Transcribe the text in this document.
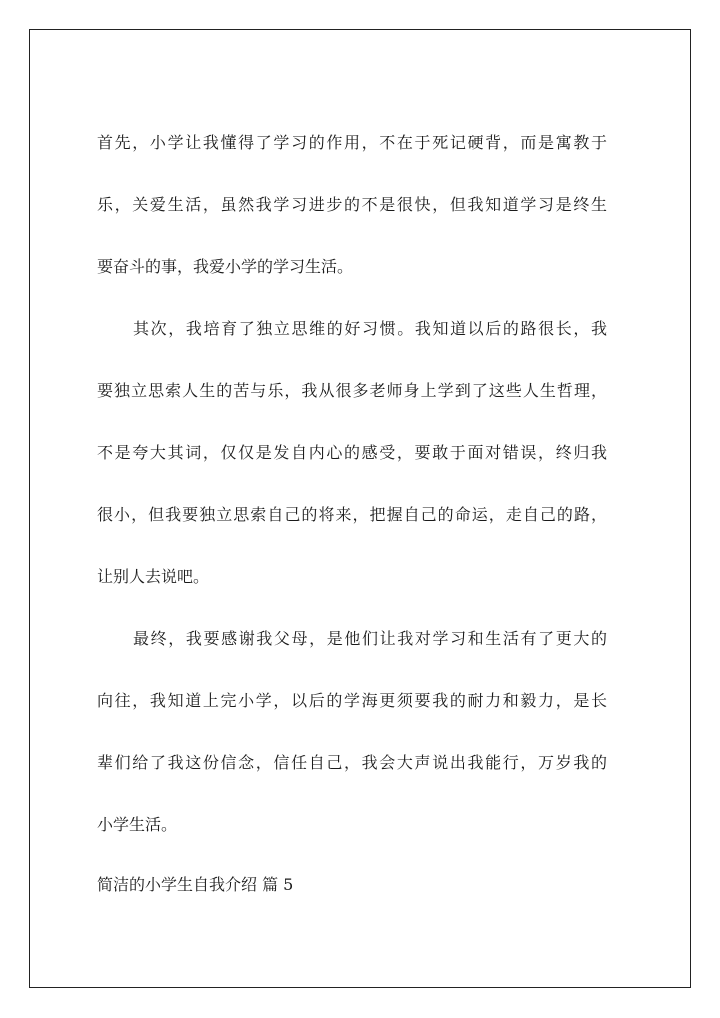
首先，小学让我懂得了学习的作用，不在于死记硬背，而是寓教于
乐，关爱生活，虽然我学习进步的不是很快，但我知道学习是终生
要奋斗的事，我爱小学的学习生活。
其次，我培育了独立思维的好习惯。我知道以后的路很长，我
要独立思索人生的苦与乐，我从很多老师身上学到了这些人生哲理，
不是夸大其词，仅仅是发自内心的感受，要敢于面对错误，终归我
很小，但我要独立思索自己的将来，把握自己的命运，走自己的路，
让别人去说吧。
最终，我要感谢我父母，是他们让我对学习和生活有了更大的
向往，我知道上完小学，以后的学海更须要我的耐力和毅力，是长
辈们给了我这份信念，信任自己，我会大声说出我能行，万岁我的
小学生活。
简洁的小学生自我介绍 篇 5
